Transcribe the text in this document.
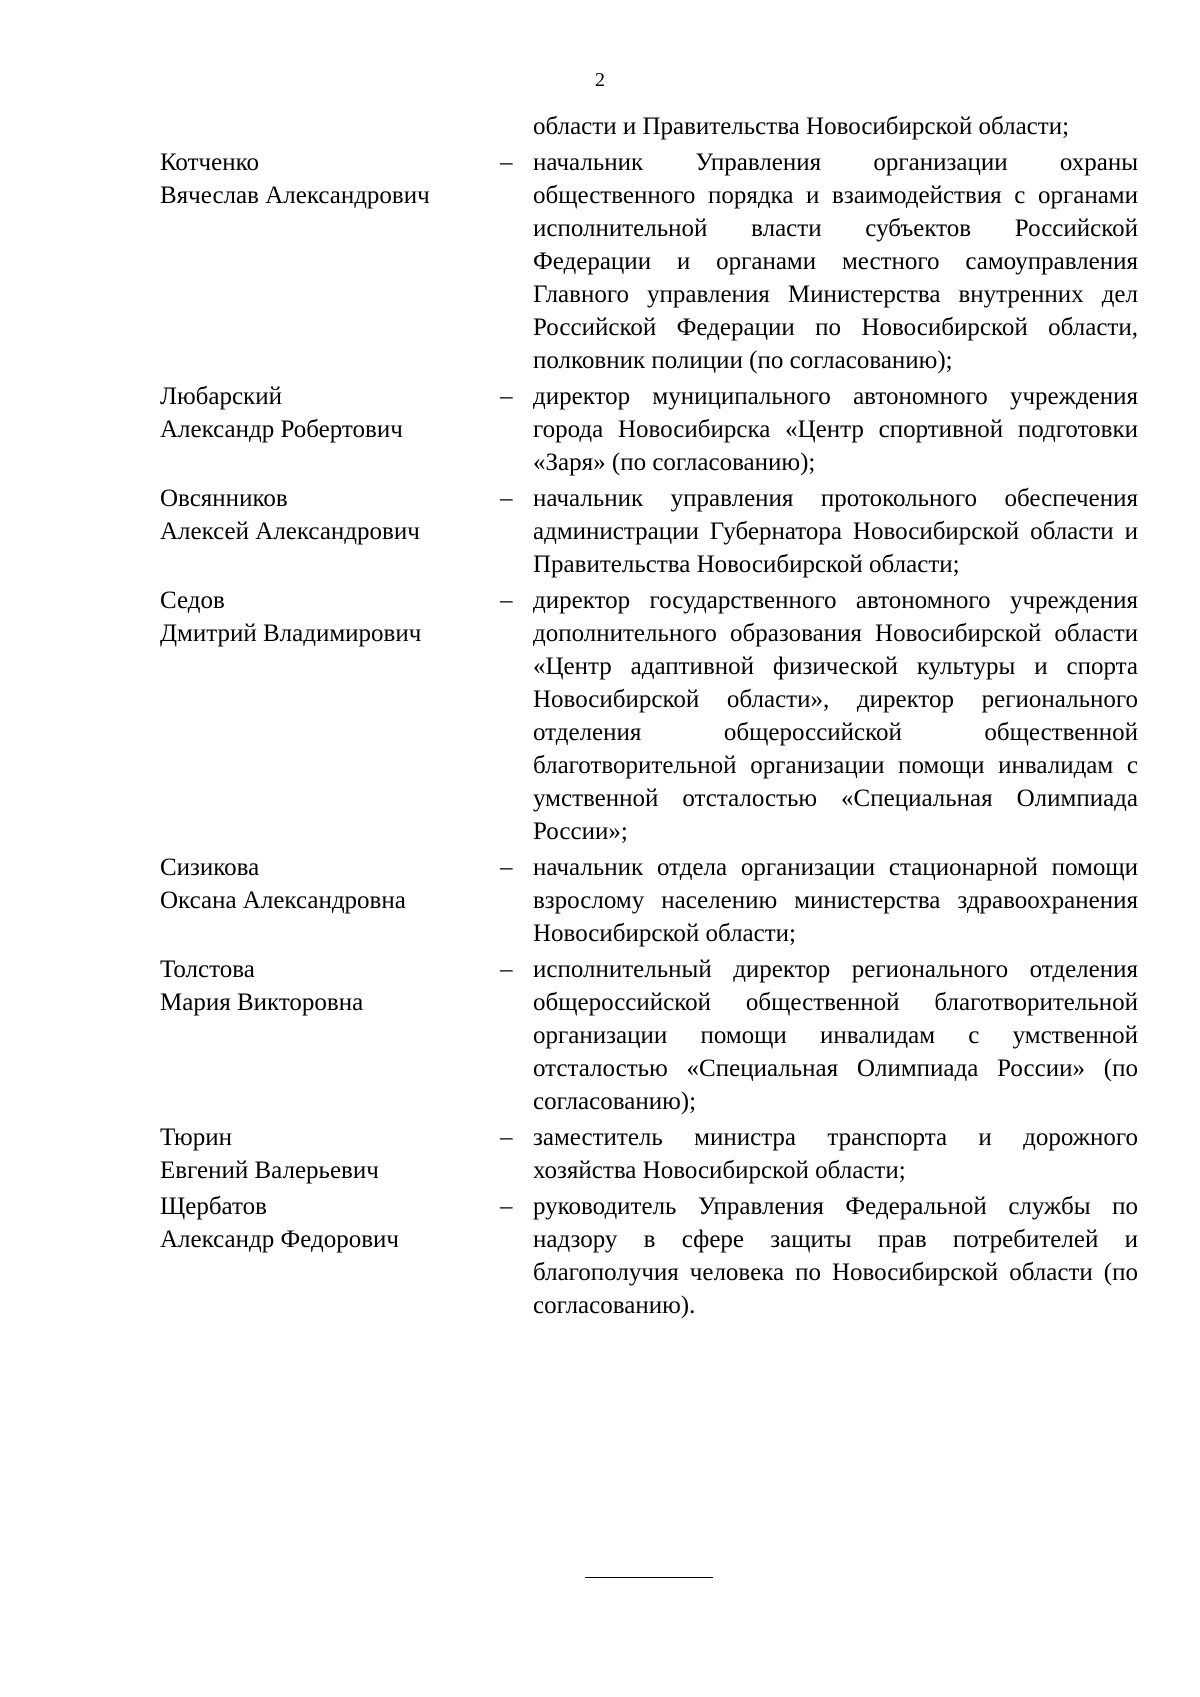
2
области и Правительства Новосибирской области;
Котченко
Вячеслав Александрович
– начальник Управления организации охраны общественного порядка и взаимодействия с органами исполнительной власти субъектов Российской Федерации и органами местного самоуправления Главного управления Министерства внутренних дел Российской Федерации по Новосибирской области, полковник полиции (по согласованию);
Любарский
Александр Робертович
– директор муниципального автономного учреждения города Новосибирска «Центр спортивной подготовки «Заря» (по согласованию);
Овсянников
Алексей Александрович
– начальник управления протокольного обеспечения администрации Губернатора Новосибирской области и Правительства Новосибирской области;
Седов
Дмитрий Владимирович
– директор государственного автономного учреждения дополнительного образования Новосибирской области «Центр адаптивной физической культуры и спорта Новосибирской области», директор регионального отделения общероссийской общественной благотворительной организации помощи инвалидам с умственной отсталостью «Специальная Олимпиада России»;
Сизикова
Оксана Александровна
– начальник отдела организации стационарной помощи взрослому населению министерства здравоохранения Новосибирской области;
Толстова
Мария Викторовна
– исполнительный директор регионального отделения общероссийской общественной благотворительной организации помощи инвалидам с умственной отсталостью «Специальная Олимпиада России» (по согласованию);
Тюрин
Евгений Валерьевич
– заместитель министра транспорта и дорожного хозяйства Новосибирской области;
Щербатов
Александр Федорович
– руководитель Управления Федеральной службы по надзору в сфере защиты прав потребителей и благополучия человека по Новосибирской области (по согласованию).
